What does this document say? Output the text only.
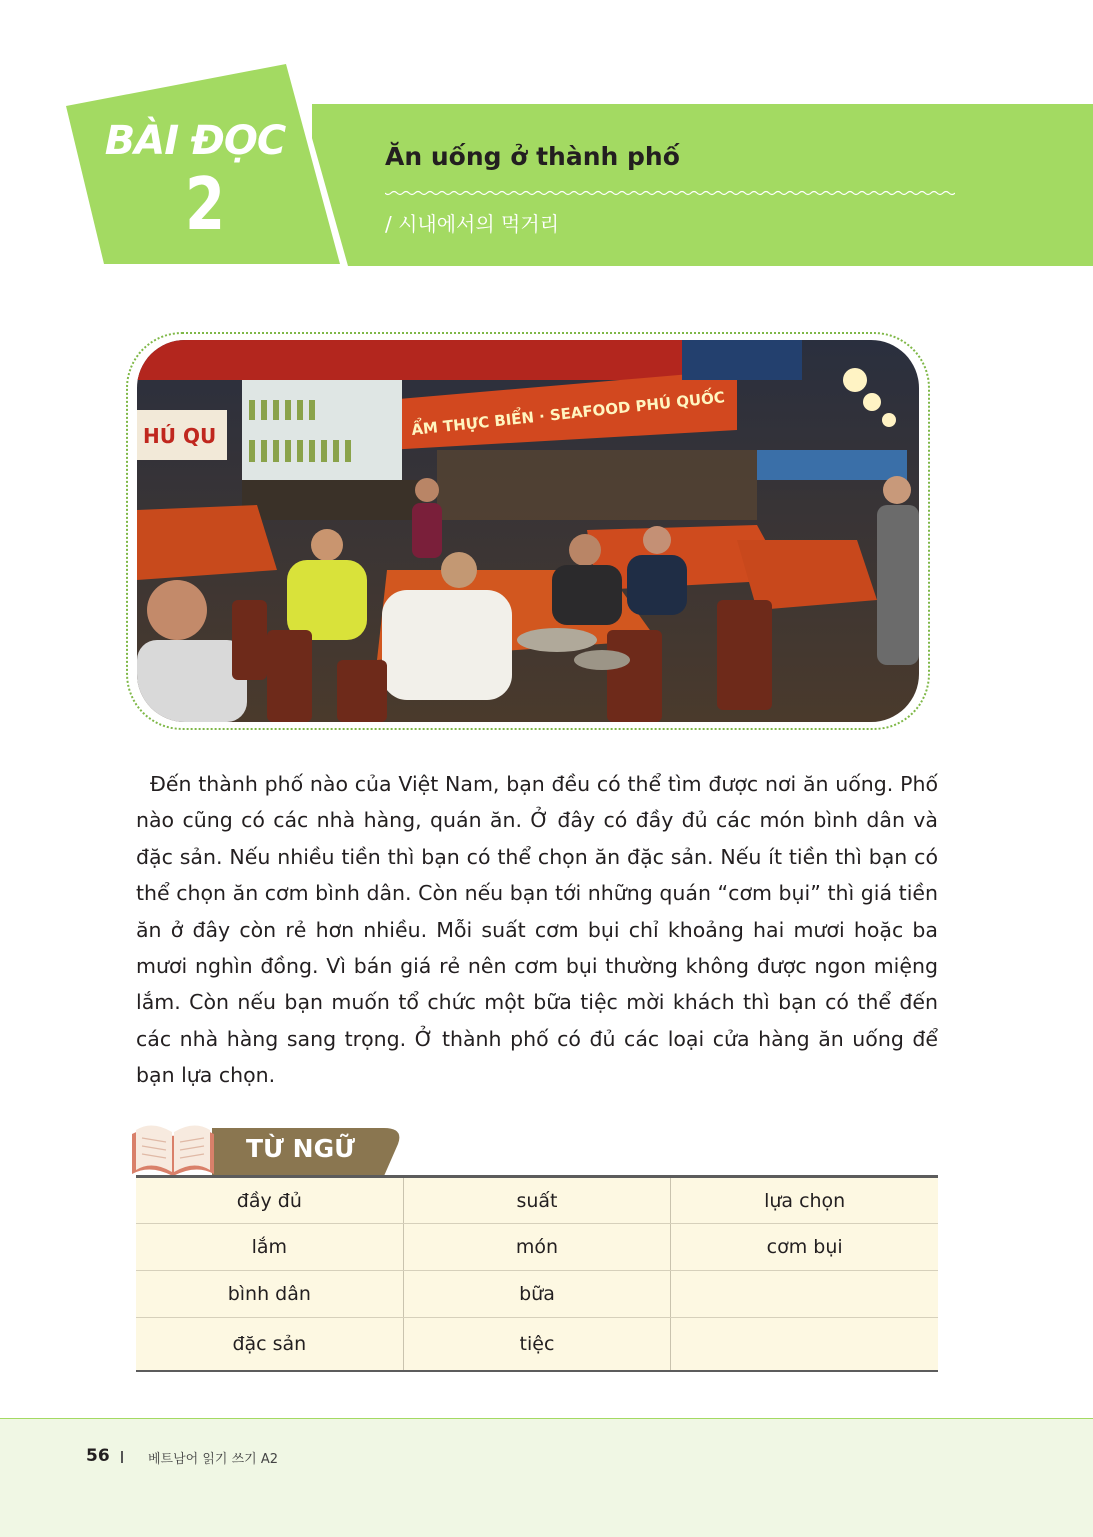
BÀI ĐỌC
2
Ăn uống ở thành phố
/ 시내에서의 먹거리
ẨM THỰC BIỂN · SEAFOOD PHÚ QUỐC
HÚ QU

Đến thành phố nào của Việt Nam, bạn đều có thể tìm được nơi ăn uống. Phố nào cũng có các nhà hàng, quán ăn. Ở đây có đầy đủ các món bình dân và đặc sản. Nếu nhiều tiền thì bạn có thể chọn ăn đặc sản. Nếu ít tiền thì bạn có thể chọn ăn cơm bình dân. Còn nếu bạn tới những quán “cơm bụi” thì giá tiền ăn ở đây còn rẻ hơn nhiều. Mỗi suất cơm bụi chỉ khoảng hai mươi hoặc ba mươi nghìn đồng. Vì bán giá rẻ nên cơm bụi thường không được ngon miệng lắm. Còn nếu bạn muốn tổ chức một bữa tiệc mời khách thì bạn có thể đến các nhà hàng sang trọng. Ở thành phố có đủ các loại cửa hàng ăn uống để bạn lựa chọn.

TỪ NGỮ
đầy đủ	suất	lựa chọn
lắm	món	cơm bụi
bình dân	bữa	
đặc sản	tiệc	
56	베트남어 읽기 쓰기 A2
